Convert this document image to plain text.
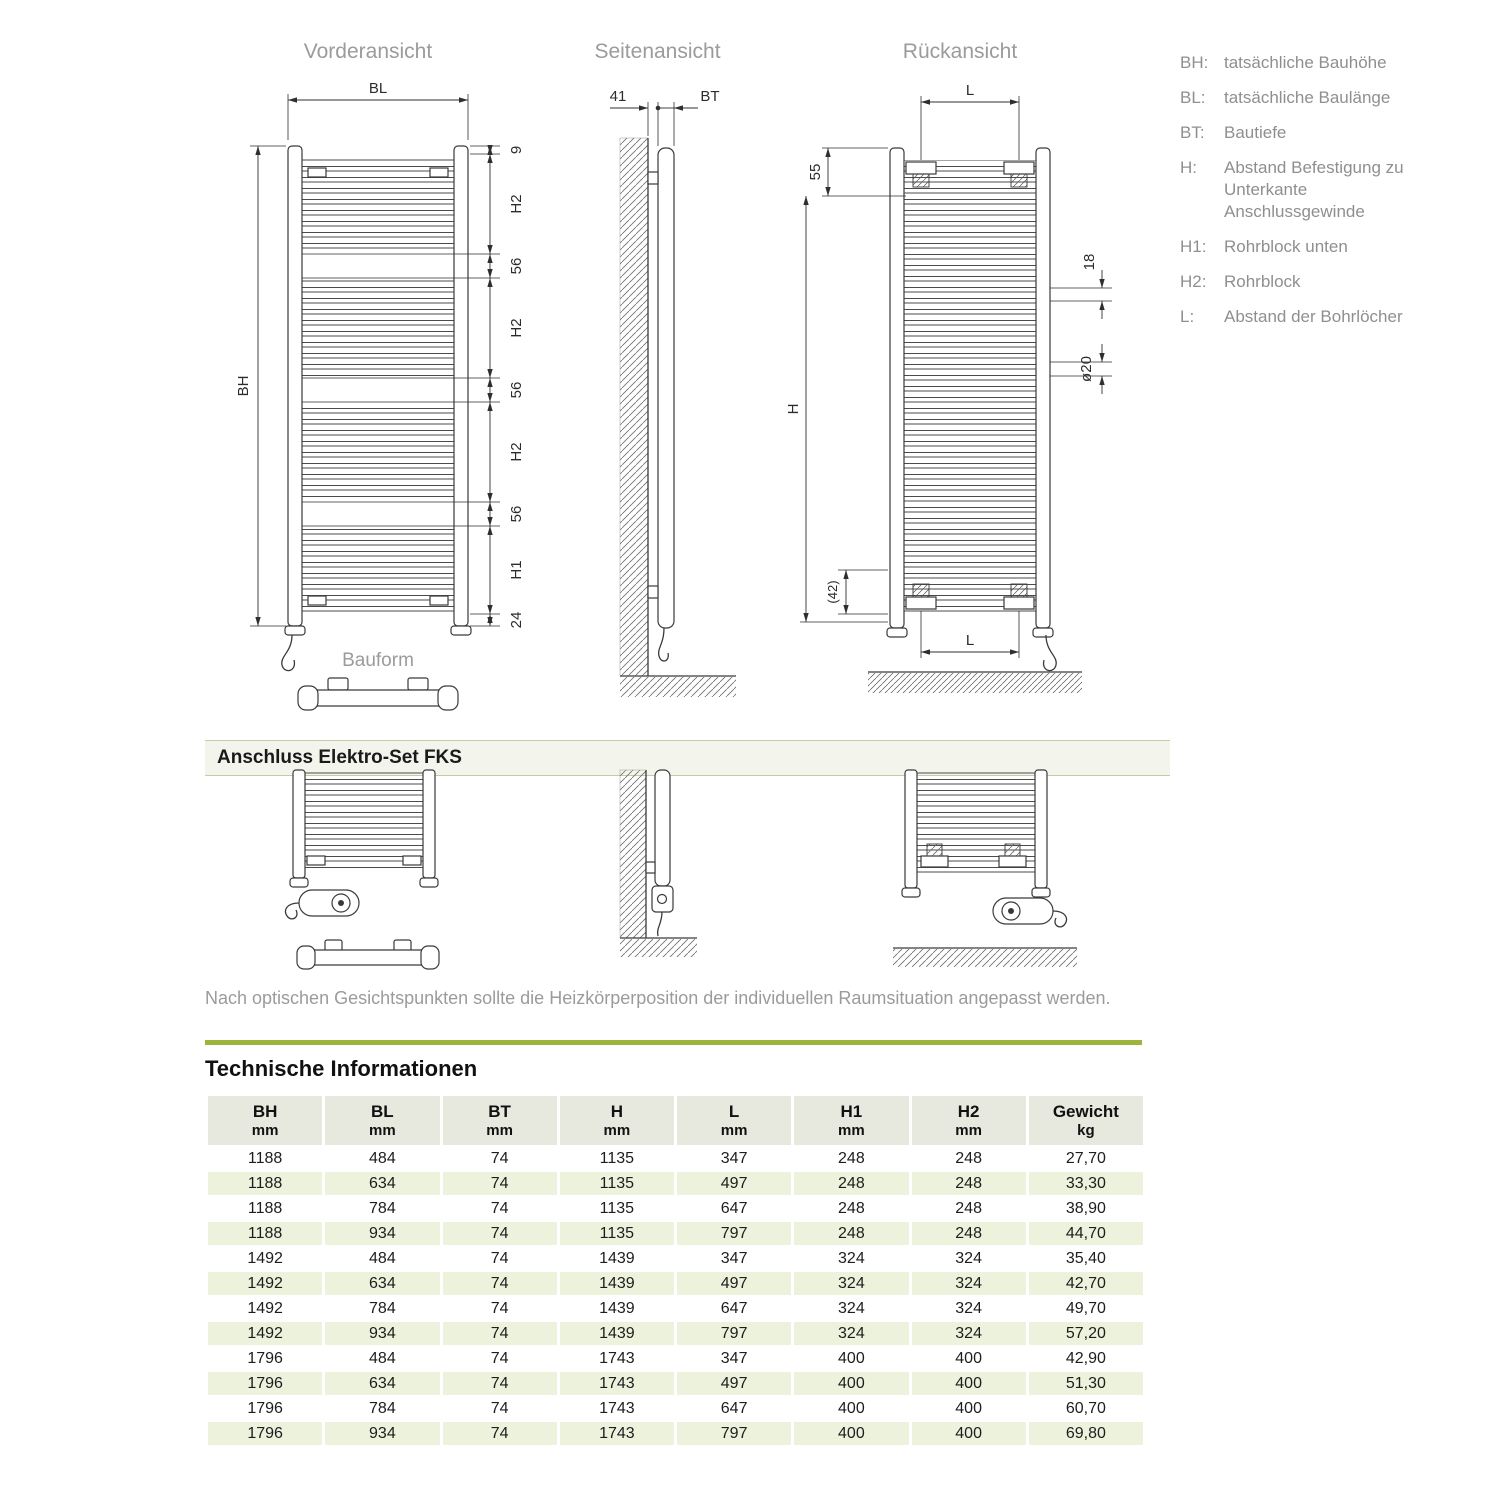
Vorderansicht	Seitenansicht	Rückansicht
BL
BH
9
H2
56
H2
56
H2
56
H1
24
Bauform
41	BT	L
55
H
18
ø20
(42)
L
BH: tatsächliche Bauhöhe
BL:	tatsächliche Baulänge
BT:	Bautiefe
H:	Abstand Befestigung zu Unterkante Anschlussgewinde
H1:	Rohrblock unten
H2:	Rohrblock
L:	Abstand der Bohrlöcher
Anschluss Elektro-Set FKS
Nach optischen Gesichtspunkten sollte die Heizkörperposition der individuellen Raumsituation angepasst werden.
Technische Informationen
BH
mm

BL
mm

BT
mm

H
mm

L
mm

H1
mm

H2
mm

Gewicht
kg

1188	484	74	1135	347	248	248	27,70
1188	634	74	1135	497	248	248	33,30
1188	784	74	1135	647	248	248	38,90
1188	934	74	1135	797	248	248	44,70
1492	484	74	1439	347	324	324	35,40
1492	634	74	1439	497	324	324	42,70
1492	784	74	1439	647	324	324	49,70
1492	934	74	1439	797	324	324	57,20
1796	484	74	1743	347	400	400	42,90
1796	634	74	1743	497	400	400	51,30
1796	784	74	1743	647	400	400	60,70
1796	934	74	1743	797	400	400	69,80
